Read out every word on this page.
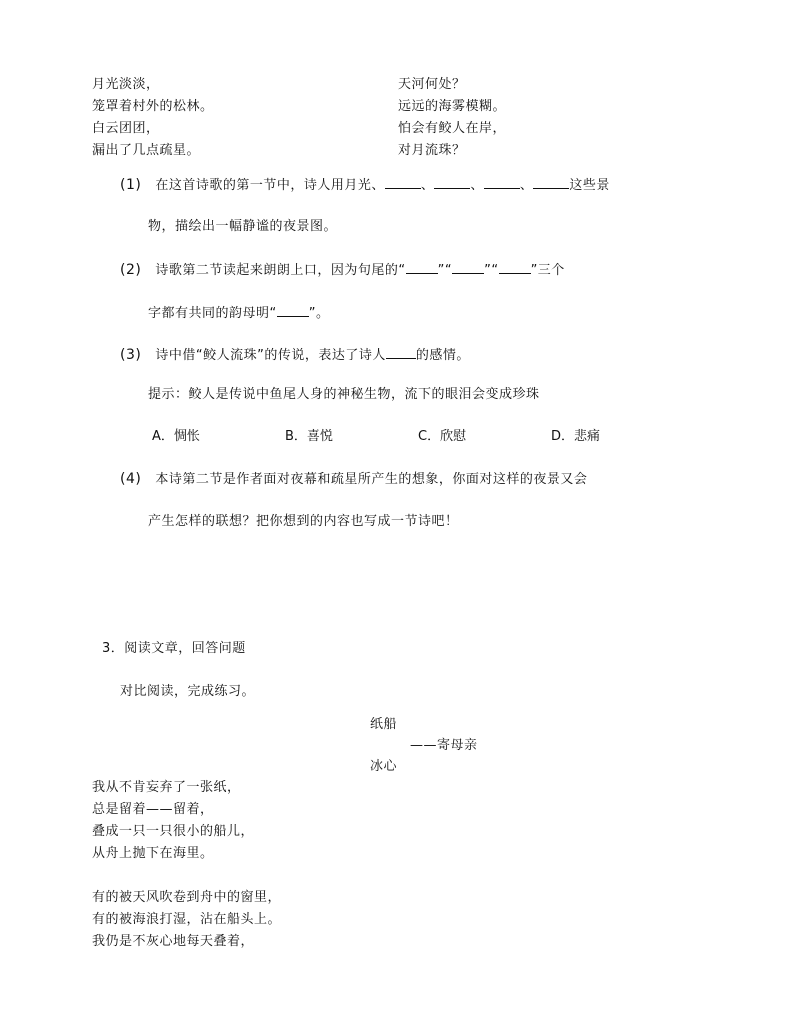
月光淡淡，
笼罩着村外的松林。
白云团团，
漏出了几点疏星。
天河何处？
远远的海雾模糊。
怕会有鲛人在岸，
对月流珠？
(1) 在这首诗歌的第一节中，诗人用月光、	、	、	、	这些景
物，描绘出一幅静谧的夜景图。
(2) 诗歌第二节读起来朗朗上口，因为句尾的“ ”“ ”“ ”三个
字都有共同的韵母明“ ”。
(3) 诗中借“鲛人流珠”的传说，表达了诗人 的感情。
提示：鲛人是传说中鱼尾人身的神秘生物，流下的眼泪会变成珍珠
A．惆怅	B．喜悦	C．欣慰	D．悲痛
(4) 本诗第二节是作者面对夜幕和疏星所产生的想象，你面对这样的夜景又会
产生怎样的联想？把你想到的内容也写成一节诗吧！
3．阅读文章，回答问题
对比阅读，完成练习。
纸船
——寄母亲
冰心
我从不肯妄弃了一张纸，
总是留着——留着，
叠成一只一只很小的船儿，
从舟上抛下在海里。
有的被天风吹卷到舟中的窗里，
有的被海浪打湿，沾在船头上。
我仍是不灰心地每天叠着，
